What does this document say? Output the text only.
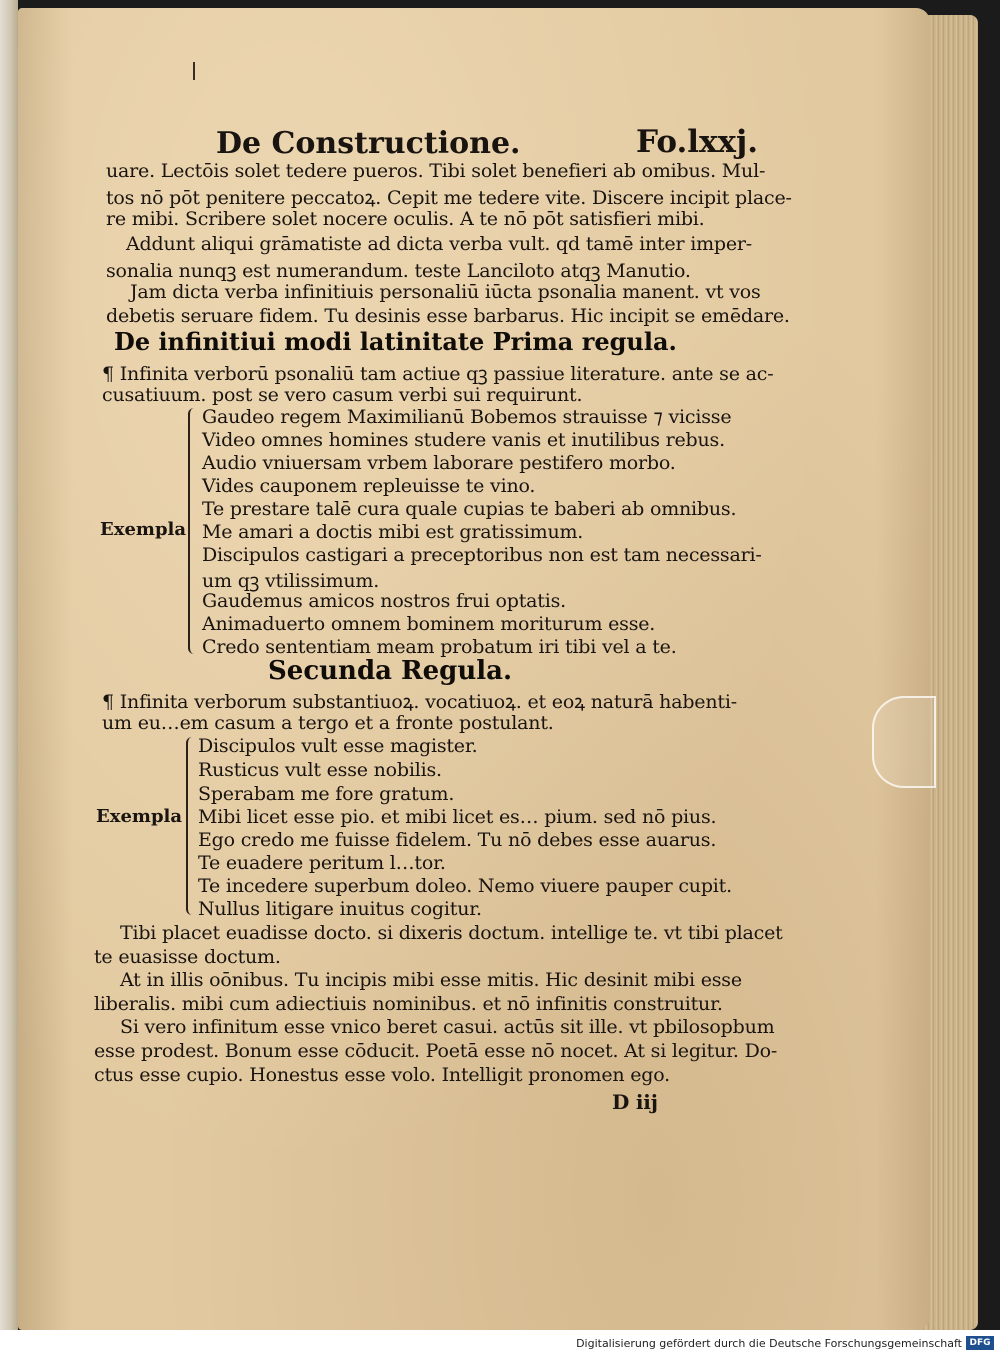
De Constructione.	Fo.lxxj.
uare. Lectōis solet tedere pueros. Tibi solet benefieri ab omibus. Mul-
tos nō pōt penitere peccatoꝝ. Cepit me tedere vite. Discere incipit place-
re mibi. Scribere solet nocere oculis. A te nō pōt satisfieri mibi.
Addunt aliqui grāmatiste ad dicta verba vult. qd tamē inter imper-
sonalia nunqꝫ est numerandum. teste Lanciloto atqꝫ Manutio.
Jam dicta verba infinitiuis personaliū iūcta psonalia manent. vt vos
debetis seruare fidem. Tu desinis esse barbarus. Hic incipit se emēdare.
De infinitiui modi latinitate Prima regula.
¶ Infinita verborū psonaliū tam actiue qꝫ passiue literature. ante se ac-
cusatiuum. post se vero casum verbi sui requirunt.
Exempla
Gaudeo regem Maximilianū Bobemos strauisse ⁊ vicisse
Video omnes homines studere vanis et inutilibus rebus.
Audio vniuersam vrbem laborare pestifero morbo.
Vides cauponem repleuisse te vino.
Te prestare talē cura quale cupias te baberi ab omnibus.
Me amari a doctis mibi est gratissimum.
Discipulos castigari a preceptoribus non est tam necessari-
um qꝫ vtilissimum.
Gaudemus amicos nostros frui optatis.
Animaduerto omnem bominem moriturum esse.
Credo sententiam meam probatum iri tibi vel a te.
Secunda Regula.
¶ Infinita verborum substantiuoꝝ. vocatiuoꝝ. et eoꝝ naturā habenti-
um eu…em casum a tergo et a fronte postulant.
Exempla
Discipulos vult esse magister.
Rusticus vult esse nobilis.
Sperabam me fore gratum.
Mibi licet esse pio. et mibi licet es… pium. sed nō pius.
Ego credo me fuisse fidelem. Tu nō debes esse auarus.
Te euadere peritum l…tor.
Te incedere superbum doleo. Nemo viuere pauper cupit.
Nullus litigare inuitus cogitur.
Tibi placet euadisse docto. si dixeris doctum. intellige te. vt tibi placet
te euasisse doctum.
At in illis oōnibus. Tu incipis mibi esse mitis. Hic desinit mibi esse
liberalis. mibi cum adiectiuis nominibus. et nō infinitis construitur.
Si vero infinitum esse vnico beret casui. actūs sit ille. vt pbilosopbum
esse prodest. Bonum esse cōducit. Poetā esse nō nocet. At si legitur. Do-
ctus esse cupio. Honestus esse volo. Intelligit pronomen ego.
D iij
Digitalisierung gefördert durch die Deutsche Forschungsgemeinschaft DFG
